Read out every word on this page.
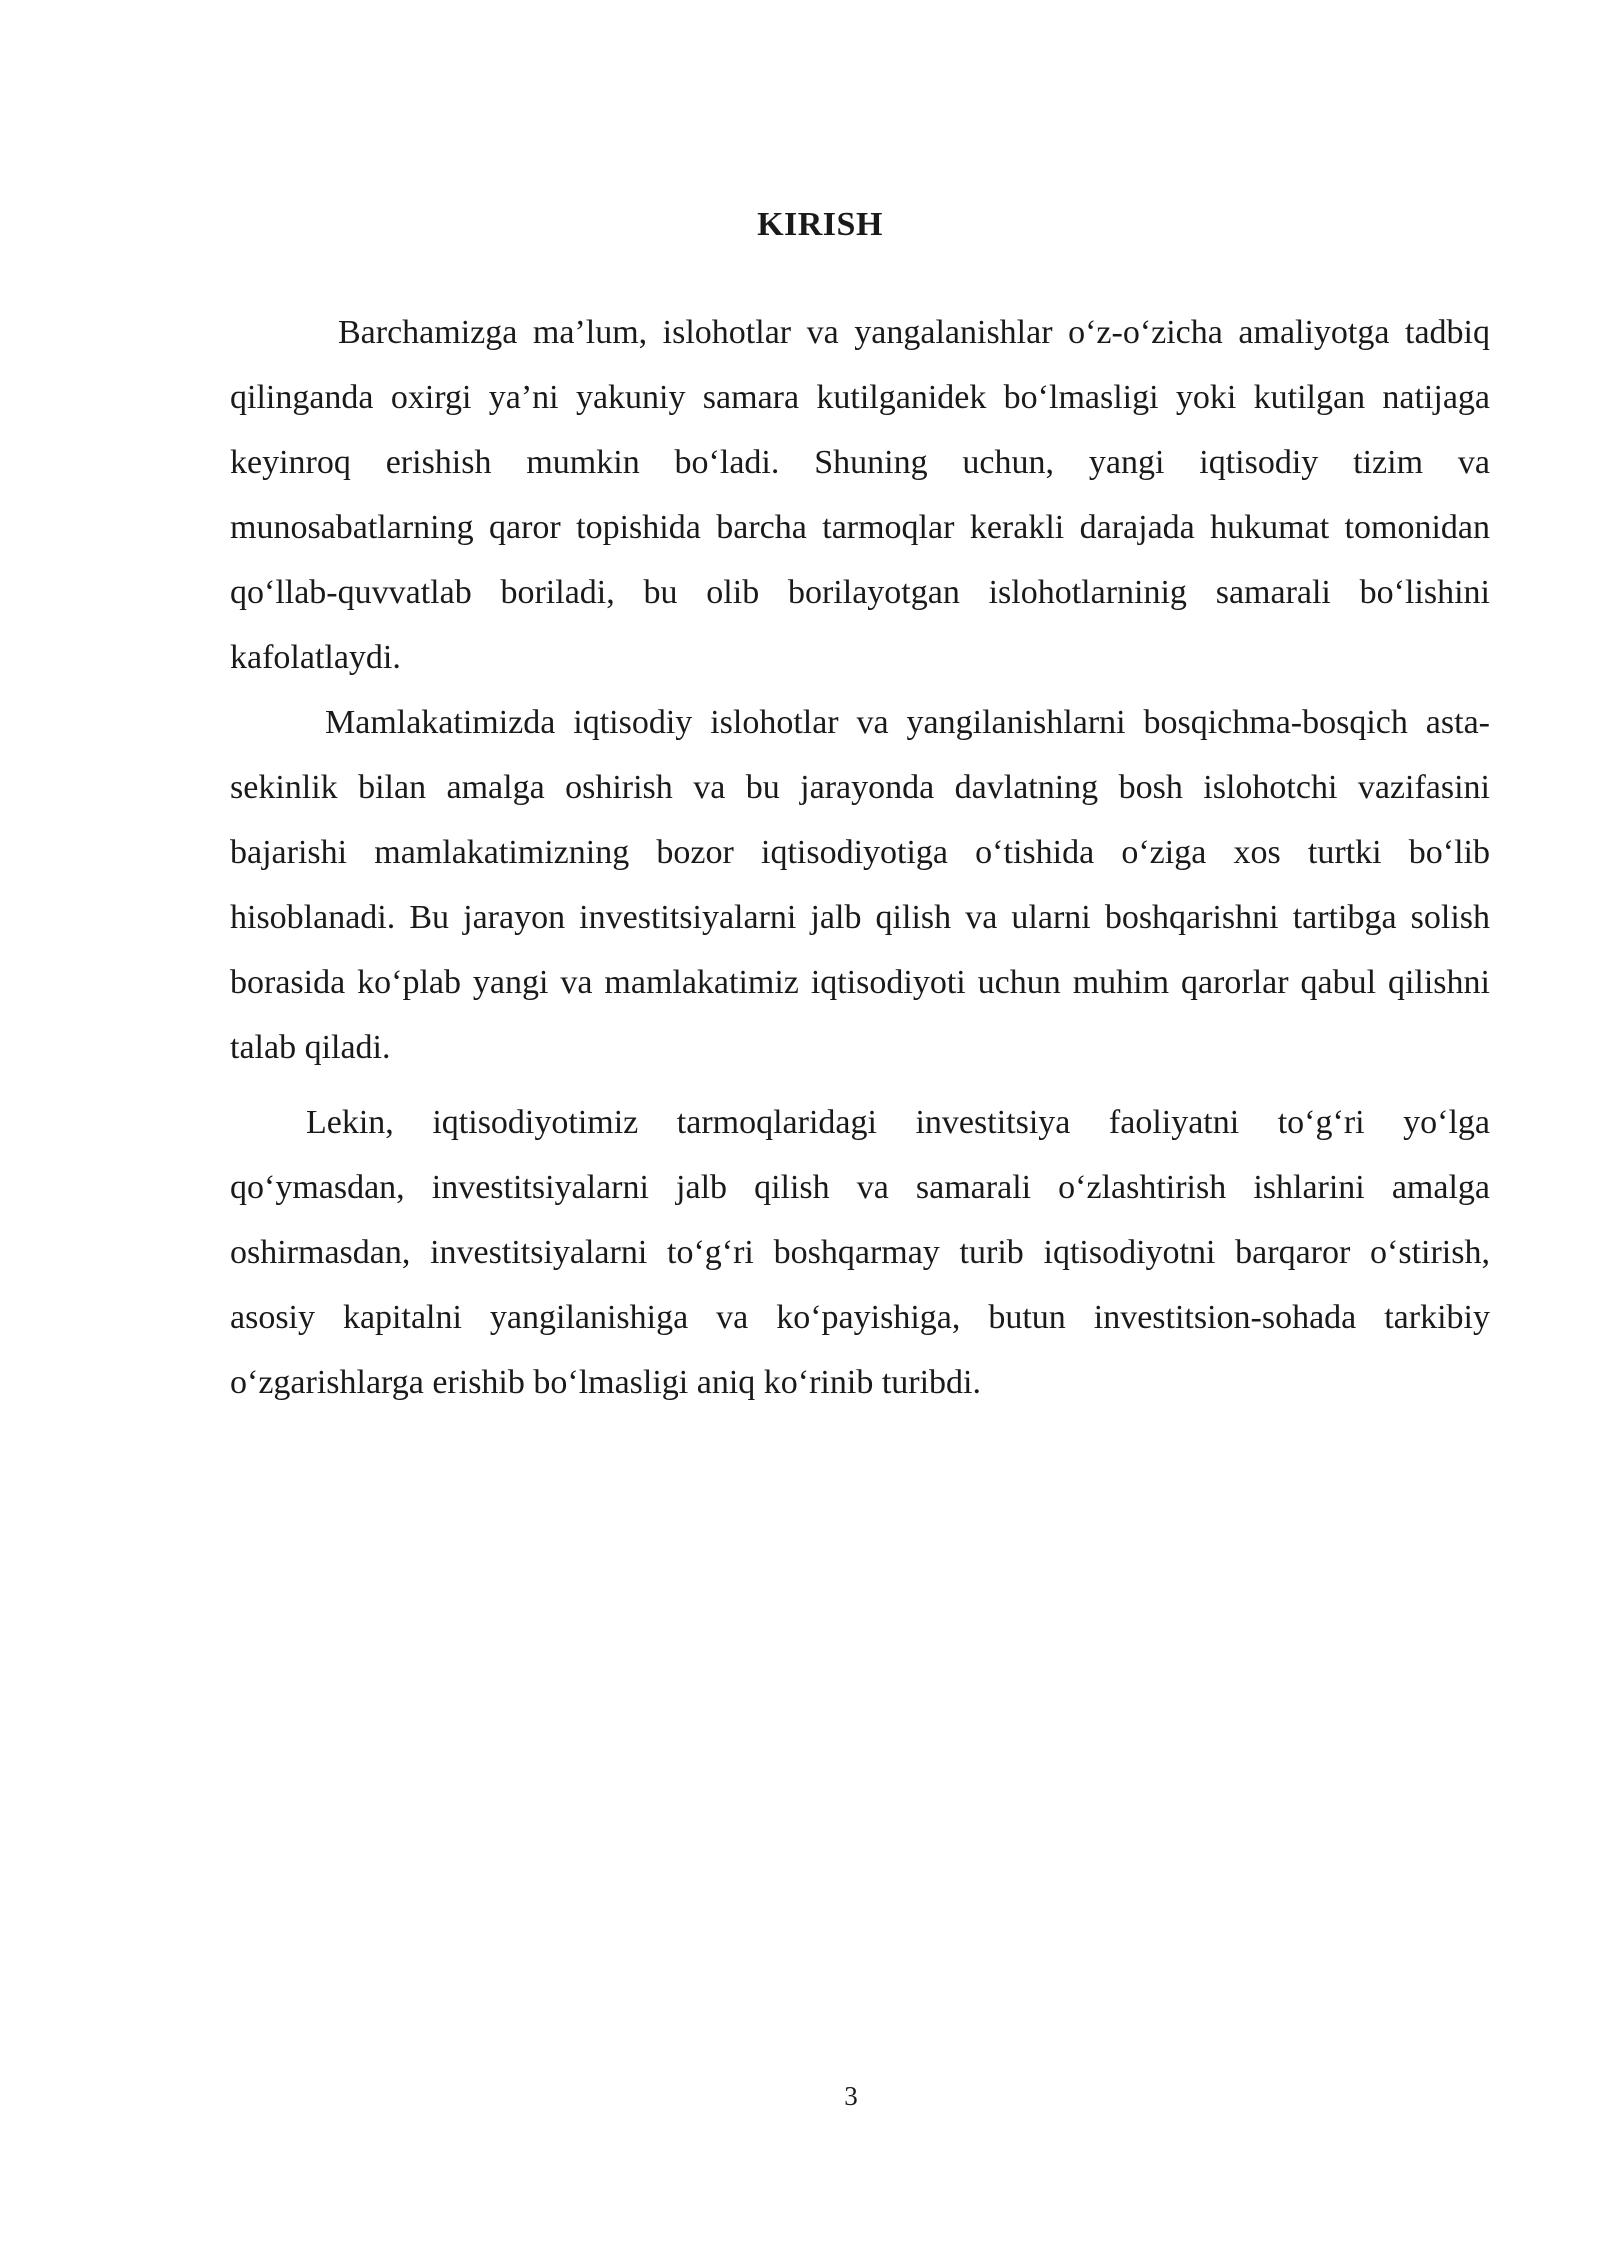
KIRISH

Barchamizga ma’lum, islohotlar va yangalanishlar o‘z-o‘zicha amaliyotga tadbiq qilinganda oxirgi ya’ni yakuniy samara kutilganidek bo‘lmasligi yoki kutilgan natijaga keyinroq erishish mumkin bo‘ladi. Shuning uchun, yangi iqtisodiy tizim va munosabatlarning qaror topishida barcha tarmoqlar kerakli darajada hukumat tomonidan qo‘llab-quvvatlab boriladi, bu olib borilayotgan islohotlarninig samarali bo‘lishini kafolatlaydi.

Mamlakatimizda iqtisodiy islohotlar va yangilanishlarni bosqichma-bosqich asta-sekinlik bilan amalga oshirish va bu jarayonda davlatning bosh islohotchi vazifasini bajarishi mamlakatimizning bozor iqtisodiyotiga o‘tishida o‘ziga xos turtki bo‘lib hisoblanadi. Bu jarayon investitsiyalarni jalb qilish va ularni boshqarishni tartibga solish borasida ko‘plab yangi va mamlakatimiz iqtisodiyoti uchun muhim qarorlar qabul qilishni talab qiladi.

Lekin, iqtisodiyotimiz tarmoqlaridagi investitsiya faoliyatni to‘g‘ri yo‘lga qo‘ymasdan, investitsiyalarni jalb qilish va samarali o‘zlashtirish ishlarini amalga oshirmasdan, investitsiyalarni to‘g‘ri boshqarmay turib iqtisodiyotni barqaror o‘stirish, asosiy kapitalni yangilanishiga va ko‘payishiga, butun investitsion-sohada tarkibiy o‘zgarishlarga erishib bo‘lmasligi aniq ko‘rinib turibdi.

3
